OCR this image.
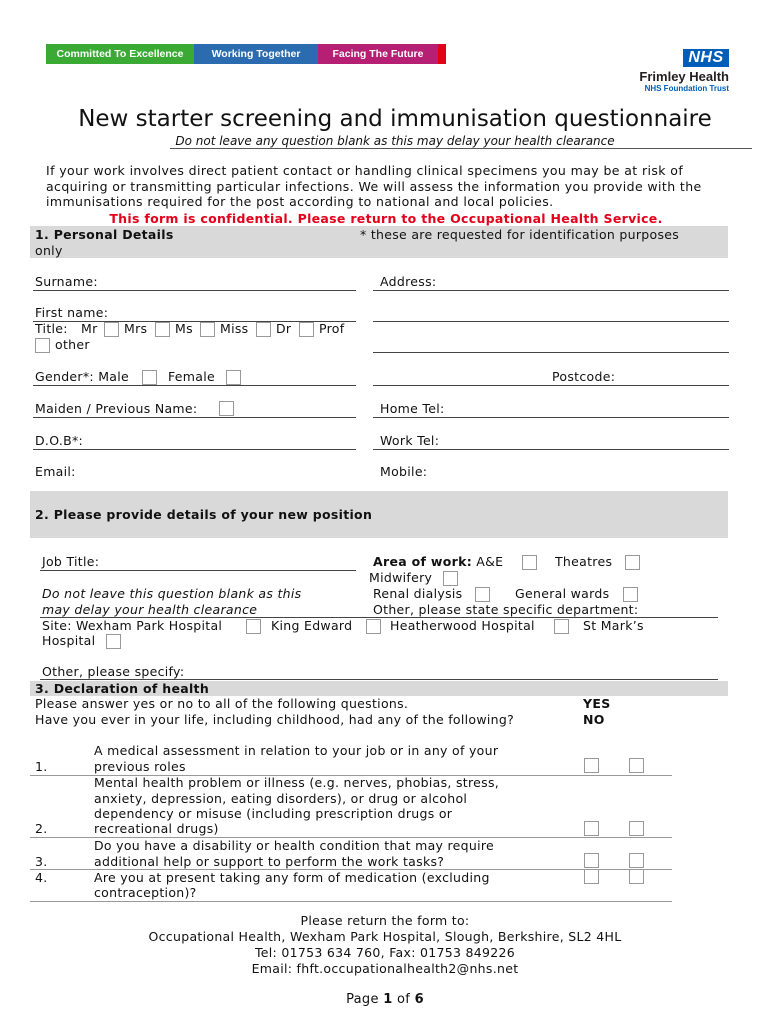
Committed To Excellence	Working Together	Facing The Future	NHS
Frimley Health
NHS Foundation Trust
New starter screening and immunisation questionnaire
Do not leave any question blank as this may delay your health clearance
If your work involves direct patient contact or handling clinical specimens you may be at risk of acquiring or transmitting particular infections. We will assess the information you provide with the immunisations required for the post according to national and local policies.
This form is confidential. Please return to the Occupational Health Service.
1. Personal Details	* these are requested for identification purposes
only
Surname:	Address:
First name:
Title: Mr Mrs Ms Miss Dr Prof
other
Gender*: Male	Female	Postcode:
Maiden / Previous Name:	Home Tel:
D.O.B*:	Work Tel:
Email:	Mobile:
2. Please provide details of your new position
Job Title:	Area of work: A&E	Theatres
Midwifery
Do not leave this question blank as this
may delay your health clearance
Renal dialysis	General wards
Other, please state specific department:
Site: Wexham Park Hospital	King Edward	Heatherwood Hospital	St Mark’s
Hospital
Other, please specify:
3. Declaration of health
Please answer yes or no to all of the following questions.
Have you ever in your life, including childhood, had any of the following?
YES
NO
1.
A medical assessment in relation to your job or in any of your
previous roles
2.
Mental health problem or illness (e.g. nerves, phobias, stress,
anxiety, depression, eating disorders), or drug or alcohol
dependency or misuse (including prescription drugs or
recreational drugs)
3.
Do you have a disability or health condition that may require
additional help or support to perform the work tasks?
4.	Are you at present taking any form of medication (excluding
contraception)?
Please return the form to:
Occupational Health, Wexham Park Hospital, Slough, Berkshire, SL2 4HL
Tel: 01753 634 760, Fax: 01753 849226
Email: fhft.occupationalhealth2@nhs.net
Page 1 of 6
